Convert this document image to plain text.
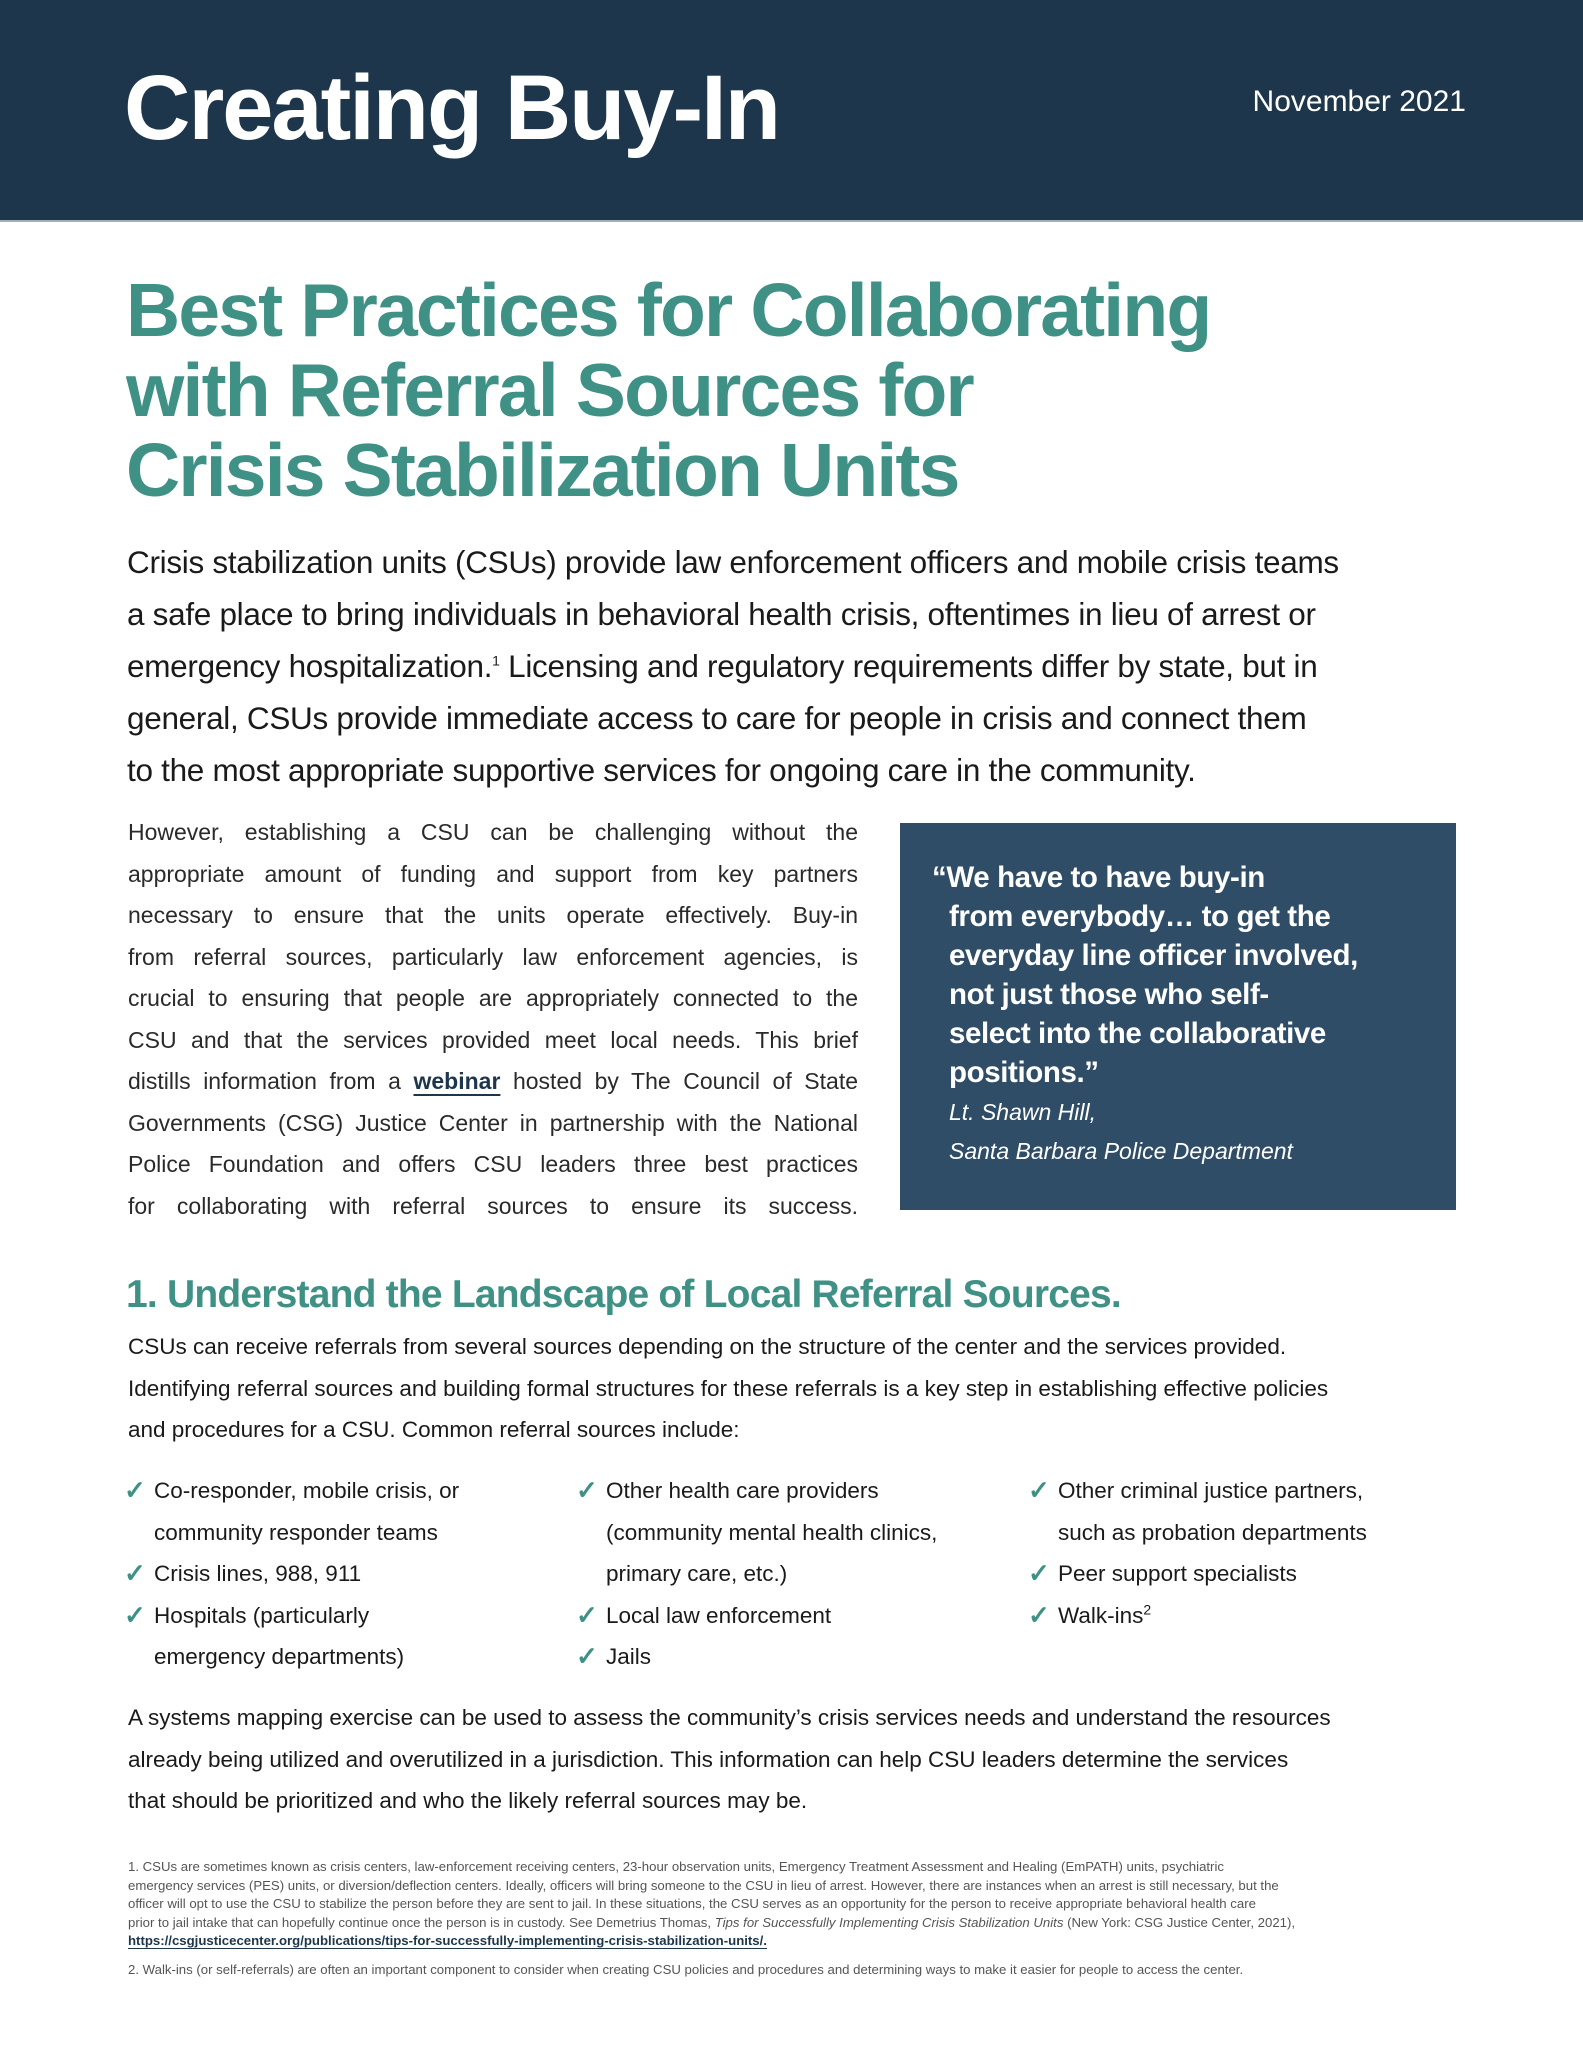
Creating Buy-In	November 2021
Best Practices for Collaborating
with Referral Sources for
Crisis Stabilization Units
Crisis stabilization units (CSUs) provide law enforcement officers and mobile crisis teams
a safe place to bring individuals in behavioral health crisis, oftentimes in lieu of arrest or
emergency hospitalization.$^1$ Licensing and regulatory requirements differ by state, but in
general, CSUs provide immediate access to care for people in crisis and connect them
to the most appropriate supportive services for ongoing care in the community.
However, establishing a CSU can be challenging without the
appropriate amount of funding and support from key partners
necessary to ensure that the units operate effectively. Buy-in
from referral sources, particularly law enforcement agencies, is
crucial to ensuring that people are appropriately connected to the
CSU and that the services provided meet local needs. This brief
distills information from a webinar hosted by The Council of State
Governments (CSG) Justice Center in partnership with the National
Police Foundation and offers CSU leaders three best practices
for collaborating with referral sources to ensure its success.
“We have to have buy-in
from everybody… to get the
everyday line officer involved,
not just those who self-
select into the collaborative
positions.”
Lt. Shawn Hill,
Santa Barbara Police Department
1. Understand the Landscape of Local Referral Sources.
CSUs can receive referrals from several sources depending on the structure of the center and the services provided.
Identifying referral sources and building formal structures for these referrals is a key step in establishing effective policies
and procedures for a CSU. Common referral sources include:
✓ Co-responder, mobile crisis, or
community responder teams
✓ Crisis lines, 988, 911
✓ Hospitals (particularly
emergency departments)
✓ Other health care providers
(community mental health clinics,
primary care, etc.)
✓ Local law enforcement
✓ Jails
✓ Other criminal justice partners,
such as probation departments
✓ Peer support specialists
✓ Walk-ins$^2$
A systems mapping exercise can be used to assess the community’s crisis services needs and understand the resources
already being utilized and overutilized in a jurisdiction. This information can help CSU leaders determine the services
that should be prioritized and who the likely referral sources may be.
1. CSUs are sometimes known as crisis centers, law-enforcement receiving centers, 23-hour observation units, Emergency Treatment Assessment and Healing (EmPATH) units, psychiatric
emergency services (PES) units, or diversion/deflection centers. Ideally, officers will bring someone to the CSU in lieu of arrest. However, there are instances when an arrest is still necessary, but the
officer will opt to use the CSU to stabilize the person before they are sent to jail. In these situations, the CSU serves as an opportunity for the person to receive appropriate behavioral health care
prior to jail intake that can hopefully continue once the person is in custody. See Demetrius Thomas, Tips for Successfully Implementing Crisis Stabilization Units (New York: CSG Justice Center, 2021),
https://csgjusticecenter.org/publications/tips-for-successfully-implementing-crisis-stabilization-units/.
2. Walk-ins (or self-referrals) are often an important component to consider when creating CSU policies and procedures and determining ways to make it easier for people to access the center.
